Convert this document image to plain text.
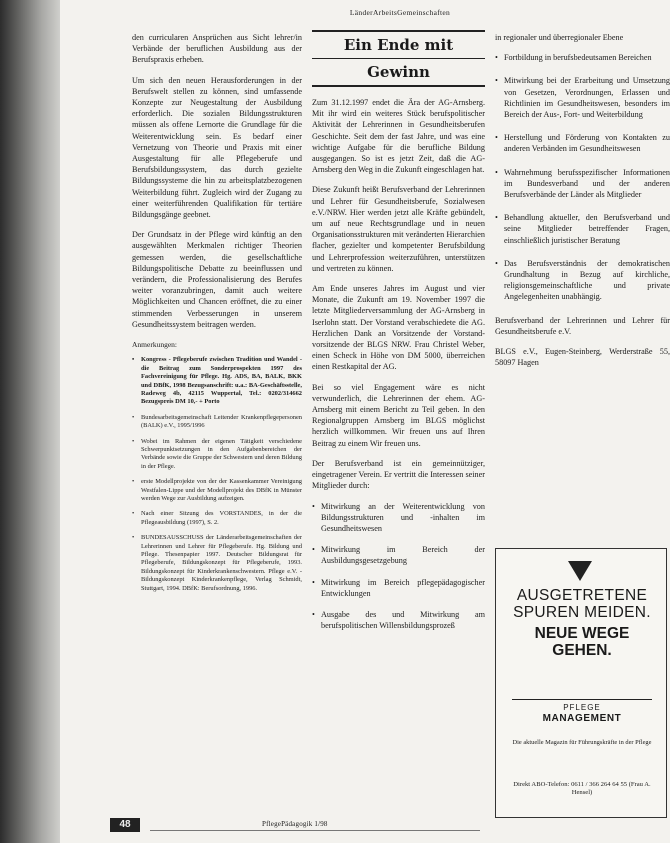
LänderArbeitsGemeinschaften

den curricularen Ansprüchen aus Sicht lehrer/in Verbände der beruflichen Ausbildung aus der Berufspraxis erheben.

Um sich den neuen Herausforderungen in der Berufswelt stellen zu können, sind umfassende Konzepte zur Neugestaltung der Ausbildung erforderlich. Die sozialen Bildungsstrukturen müssen als offene Lernorte die Grundlage für die Weiterentwicklung sein. Es bedarf einer Vernetzung von Theorie und Praxis mit einer Ausgestaltung für alle Pflegeberufe und Berufsbildungssystem, das durch gezielte Bildungssysteme die hin zu arbeitsplatzbezogenen Weiterbildung führt. Zugleich wird der Zugang zu einer weiterführenden Qualifikation für tertiäre Bildungsgänge geebnet.

Der Grundsatz in der Pflege wird künftig an den ausgewählten Merkmalen richtiger Theorien gemessen werden, die gesellschaftliche Bildungspolitische Debatte zu beeinflussen und verändern, die Professionalisierung des Berufes weiter voranzubringen, damit auch weitere Möglichkeiten und Chancen eröffnet, die zu einer stimmenden Verbesserungen in unserem Gesundheitssystem beitragen werden.

Anmerkungen:
• Kongress - Pflegeberufe zwischen Tradition und Wandel - die Beitrag zum Sonderprospekten 1997 des Fachvereinigung für Pflege. Hg. ADS, BA, BALK, BKK und DBfK, 1998 Bezugsanschrift: u.a.: BA-Geschäftsstelle, Radeweg 4b, 42115 Wuppertal, Tel.: 0202/314662 Bezugspreis DM 10,- + Porto
• Bundesarbeitsgemeinschaft Leitender Krankenpflegepersonen (BALK) e.V., 1995/1996
• Wobei im Rahmen der eigenen Tätigkeit verschiedene Schwerpunktsetzungen in den Aufgabenbereichen der Verbände sowie die Gruppe der Schwestern und deren Bildung in der Pflege.
• erste Modellprojekte von der der Kassenkammer Vereinigung Westfalen-Lippe und der Modellprojekt des DBfK in Münster werden Wege zur Ausbildung aufzeigen.
• Nach einer Sitzung des VORSTANDES, in der die Pflegeausbildung (1997), S. 2.
• BUNDESAUSSCHUSS der Länderarbeitsgemeinschaften der Lehrerinnen und Lehrer für Pflegeberufe. Hg. Bildung und Pflege. Thesenpapier 1997. Deutscher Bildungsrat für Pflegeberufe, Bildungskonzept für Pflegeberufe, 1993. Bildungskonzept für Kinderkrankenschwestern. Pflege e.V. - Bildungskonzept Kinderkrankenpflege, Verlag Schmidt, Stuttgart, 1994. DBfK: Berufsordnung, 1996.
Ein Ende mit
Gewinn

Zum 31.12.1997 endet die Ära der AG-Arnsberg. Mit ihr wird ein weiteres Stück berufspolitischer Aktivität der Lehrerinnen in Gesundheitsberufen Geschichte. Seit dem der fast Jahre, und was eine wichtige Aufgabe für die berufliche Bildung ausgegangen. So ist es jetzt Zeit, daß die AG-Arnsberg den Weg in die Zukunft eingeschlagen hat.

Diese Zukunft heißt Berufsverband der Lehrerinnen und Lehrer für Gesundheitsberufe, Sozialwesen e.V./NRW. Hier werden jetzt alle Kräfte gebündelt, um auf neue Rechtsgrundlage und in neuen Organisationsstrukturen mit veränderten Hierarchien flacher, gezielter und kompetenter Berufsbildung und Lehrerprofession weiterzuführen, unterstützen und vertreten zu können.

Am Ende unseres Jahres im August und vier Monate, die Zukunft am 19. November 1997 die letzte Mitgliederversammlung der AG-Arnsberg in Iserlohn statt. Der Vorstand verabschiedete die AG. Herzlichen Dank an Vorsitzende der Vorstand-vorsitzende der BLGS NRW. Frau Christel Weber, einen Scheck in Höhe von DM 5000, überreichen einen Restkapital der AG.

Bei so viel Engagement wäre es nicht verwunderlich, die Lehrerinnen der ehem. AG-Arnsberg mit einem Bericht zu Teil geben. In den Regionalgruppen Arnsberg im BLGS möglichst herzlich willkommen. Wir freuen uns auf Ihren Beitrag zu einem Wir freuen uns.

Der Berufsverband ist ein gemeinnütziger, eingetragener Verein. Er vertritt die Interessen seiner Mitglieder durch:

• Mitwirkung an der Weiterentwicklung von Bildungsstrukturen und -inhalten im Gesundheitswesen
• Mitwirkung im Bereich der Ausbildungsgesetzgebung
• Mitwirkung im Bereich pflegepädagogischer Entwicklungen
• Ausgabe des und Mitwirkung am berufspolitischen Willensbildungsprozeß

in regionaler und überregionaler Ebene

• Fortbildung in berufsbedeutsamen Bereichen
• Mitwirkung bei der Erarbeitung und Umsetzung von Gesetzen, Verordnungen, Erlassen und Richtlinien im Gesundheitswesen, besonders im Bereich der Aus-, Fort- und Weiterbildung
• Herstellung und Förderung von Kontakten zu anderen Verbänden im Gesundheitswesen
• Wahrnehmung berufsspezifischer Informationen im Bundesverband und der anderen Berufsverbände der Länder als Mitglieder
• Behandlung aktueller, den Berufsverband und seine Mitglieder betreffender Fragen, einschließlich juristischer Beratung
• Das Berufsverständnis der demokratischen Grundhaltung in Bezug auf kirchliche, religionsgemeinschaftliche und private Angelegenheiten unabhängig.

Berufsverband der Lehrerinnen und Lehrer für Gesundheitsberufe e.V.

BLGS e.V., Eugen-Steinberg, Werderstraße 55, 58097 Hagen

AUSGETRETENE
SPUREN MEIDEN.
NEUE WEGE
GEHEN.
PFLEGE
MANAGEMENT
Die aktuelle Magazin für Führungskräfte in der Pflege
Direkt ABO-Telefon: 0611 / 366 264 64 55 (Frau A. Hensel)
48	PflegePädagogik 1/98
